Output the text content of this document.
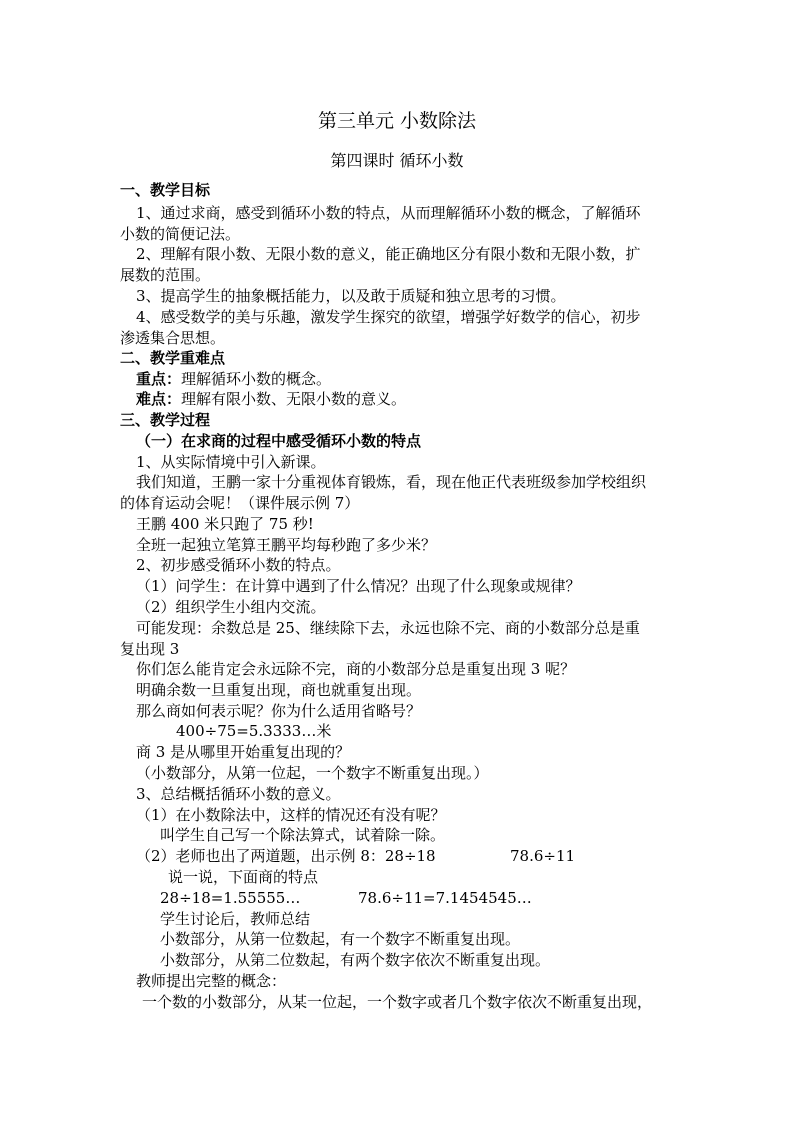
第三单元 小数除法
第四课时 循环小数
一、教学目标
1、通过求商，感受到循环小数的特点，从而理解循环小数的概念，了解循环
小数的简便记法。
2、理解有限小数、无限小数的意义，能正确地区分有限小数和无限小数，扩
展数的范围。
3、提高学生的抽象概括能力，以及敢于质疑和独立思考的习惯。
4、感受数学的美与乐趣，激发学生探究的欲望，增强学好数学的信心，初步
渗透集合思想。
二、教学重难点
重点：理解循环小数的概念。
难点：理解有限小数、无限小数的意义。
三、教学过程
（一）在求商的过程中感受循环小数的特点
1、从实际情境中引入新课。
我们知道，王鹏一家十分重视体育锻炼，看，现在他正代表班级参加学校组织
的体育运动会呢！（课件展示例 7）
王鹏 400 米只跑了 75 秒!
全班一起独立笔算王鹏平均每秒跑了多少米？
2、初步感受循环小数的特点。
（1）问学生：在计算中遇到了什么情况？出现了什么现象或规律？
（2）组织学生小组内交流。
可能发现：余数总是 25、继续除下去，永远也除不完、商的小数部分总是重
复出现 3
你们怎么能肯定会永远除不完，商的小数部分总是重复出现 3 呢？
明确余数一旦重复出现，商也就重复出现。
那么商如何表示呢？你为什么适用省略号？
400÷75=5.3333…米
商 3 是从哪里开始重复出现的？
（小数部分，从第一位起，一个数字不断重复出现。）
3、总结概括循环小数的意义。
（1）在小数除法中，这样的情况还有没有呢？
叫学生自己写一个除法算式，试着除一除。
（2）老师也出了两道题，出示例 8：28÷18	78.6÷11
说一说，下面商的特点
28÷18=1.55555…	78.6÷11=7.1454545…
学生讨论后，教师总结
小数部分，从第一位数起，有一个数字不断重复出现。
小数部分，从第二位数起，有两个数字依次不断重复出现。
教师提出完整的概念：
一个数的小数部分，从某一位起，一个数字或者几个数字依次不断重复出现，
